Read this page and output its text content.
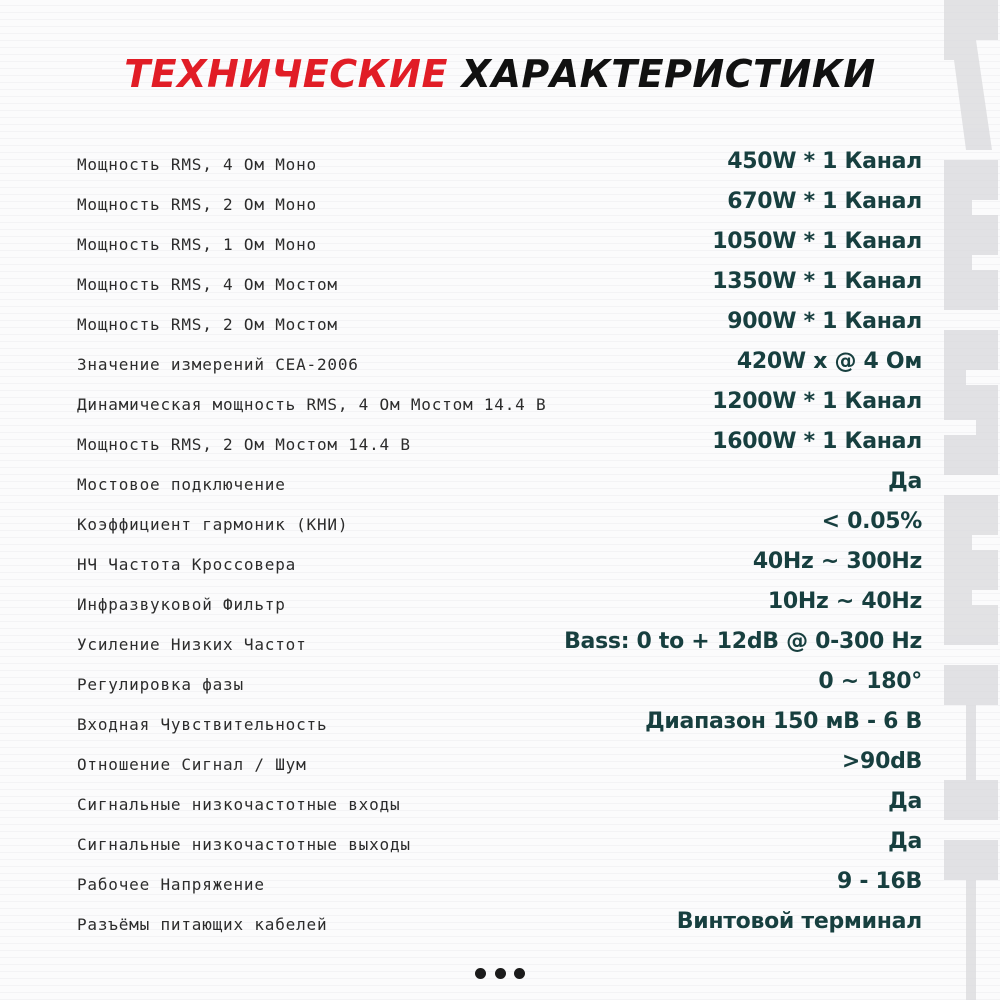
ТЕХНИЧЕСКИЕ ХАРАКТЕРИСТИКИ
Мощность RMS, 4 Ом Моно	450W * 1 Канал
Мощность RMS, 2 Ом Моно	670W * 1 Канал
Мощность RMS, 1 Ом Моно	1050W * 1 Канал
Мощность RMS, 4 Ом Мостом	1350W * 1 Канал
Мощность RMS, 2 Ом Мостом	900W * 1 Канал
Значение измерений CEA-2006	420W x @ 4 Ом
Динамическая мощность RMS, 4 Ом Мостом 14.4 В	1200W * 1 Канал
Мощность RMS, 2 Ом Мостом 14.4 В	1600W * 1 Канал
Мостовое подключение	Да
Коэффициент гармоник (КНИ)	< 0.05%
НЧ Частота Кроссовера	40Hz ~ 300Hz
Инфразвуковой Фильтр	10Hz ~ 40Hz
Усиление Низких Частот	Bass: 0 to + 12dB @ 0-300 Hz
Регулировка фазы	0 ~ 180°
Входная Чувствительность	Диапазон 150 мВ - 6 В
Отношение Сигнал / Шум	>90dB
Сигнальные низкочастотные входы	Да
Сигнальные низкочастотные выходы	Да
Рабочее Напряжение	9 - 16В
Разъёмы питающих кабелей	Винтовой терминал
